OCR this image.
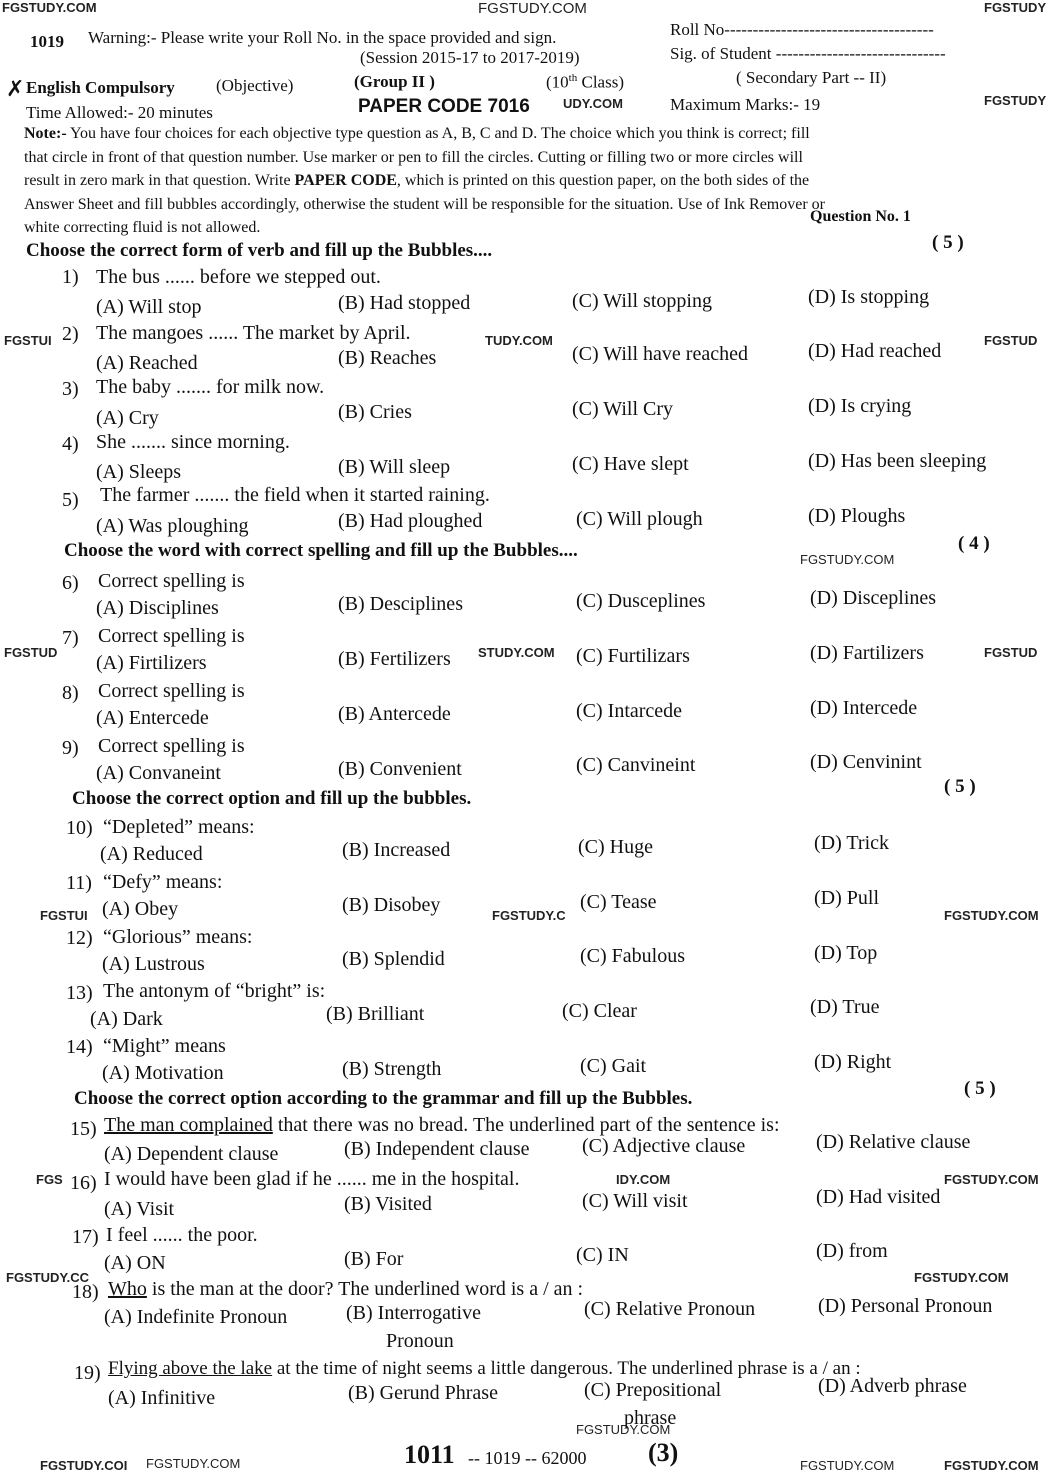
FGSTUDY.COM	FGSTUDY.COM	FGSTUDY
FGSTUDY
FGSTUI	FGSTUD
TUDY.COM
FGSTUD	FGSTUD
STUDY.COM
FGSTUDY.COM
FGSTUI	FGSTUDY.C	FGSTUDY.COM
FGS	IDY.COM	FGSTUDY.COM
FGSTUDY.CC	FGSTUDY.COM
FGSTUDY.COM
FGSTUDY.COI FGSTUDY.COM	FGSTUDY.COM	FGSTUDY.COM
1019 Warning:- Please write your Roll No. in the space provided and sign.
(Session 2015-17 to 2017-2019)
Roll No-------------------------------------
Sig. of Student ------------------------------
✗ English Compulsory (Objective)	(Group II )	(10th Class)	( Secondary Part -- II)
Time Allowed:- 20 minutes	PAPER CODE 7016	UDY.COM	Maximum Marks:- 19
Note:- You have four choices for each objective type question as A, B, C and D. The choice which you think is correct; fill
that circle in front of that question number. Use marker or pen to fill the circles. Cutting or filling two or more circles will
result in zero mark in that question. Write PAPER CODE, which is printed on this question paper, on the both sides of the
Answer Sheet and fill bubbles accordingly, otherwise the student will be responsible for the situation. Use of Ink Remover or
white correcting fluid is not allowed.
Question No. 1
Choose the correct form of verb and fill up the Bubbles....	( 5 )
1) The bus ...... before we stepped out.
(A) Will stop	(B) Had stopped	(C) Will stopping	(D) Is stopping
2) The mangoes ...... The market by April.
(A) Reached	(B) Reaches	(C) Will have reached	(D) Had reached
3) The baby ....... for milk now.
(A) Cry	(B) Cries	(C) Will Cry	(D) Is crying
4) She ....... since morning.
(A) Sleeps	(B) Will sleep	(C) Have slept	(D) Has been sleeping
5) The farmer ....... the field when it started raining.
(A) Was ploughing	(B) Had ploughed	(C) Will plough	(D) Ploughs
Choose the word with correct spelling and fill up the Bubbles....	( 4 )
6) Correct spelling is
(A) Disciplines	(B) Desciplines	(C) Dusceplines	(D) Disceplines
7) Correct spelling is
(A) Firtilizers	(B) Fertilizers	(C) Furtilizars	(D) Fartilizers
8) Correct spelling is
(A) Entercede	(B) Antercede	(C) Intarcede	(D) Intercede
9) Correct spelling is
(A) Convaneint	(B) Convenient	(C) Canvineint	(D) Cenvinint
Choose the correct option and fill up the bubbles.
( 5 )
10) “Depleted” means:
(A) Reduced	(B) Increased	(C) Huge	(D) Trick
11) “Defy” means:
(A) Obey	(B) Disobey	(C) Tease	(D) Pull
12) “Glorious” means:
(A) Lustrous	(B) Splendid	(C) Fabulous	(D) Top
13) The antonym of “bright” is:
(A) Dark	(B) Brilliant	(C) Clear	(D) True
14) “Might” means
(A) Motivation	(B) Strength	(C) Gait	(D) Right
Choose the correct option according to the grammar and fill up the Bubbles.	( 5 )
15) The man complained that there was no bread. The underlined part of the sentence is:
(A) Dependent clause	(B) Independent clause	(C) Adjective clause	(D) Relative clause
16) I would have been glad if he ...... me in the hospital.
(A) Visit	(B) Visited	(C) Will visit	(D) Had visited
17) I feel ...... the poor.
(A) ON	(B) For	(C) IN	(D) from
18) Who is the man at the door? The underlined word is a / an :
(A) Indefinite Pronoun	(B) Interrogative
Pronoun
(C) Relative Pronoun	(D) Personal Pronoun
19) Flying above the lake at the time of night seems a little dangerous. The underlined phrase is a / an :
(A) Infinitive	(B) Gerund Phrase	(C) Prepositional
phrase
(D) Adverb phrase
1011 -- 1019 -- 62000 (3)
